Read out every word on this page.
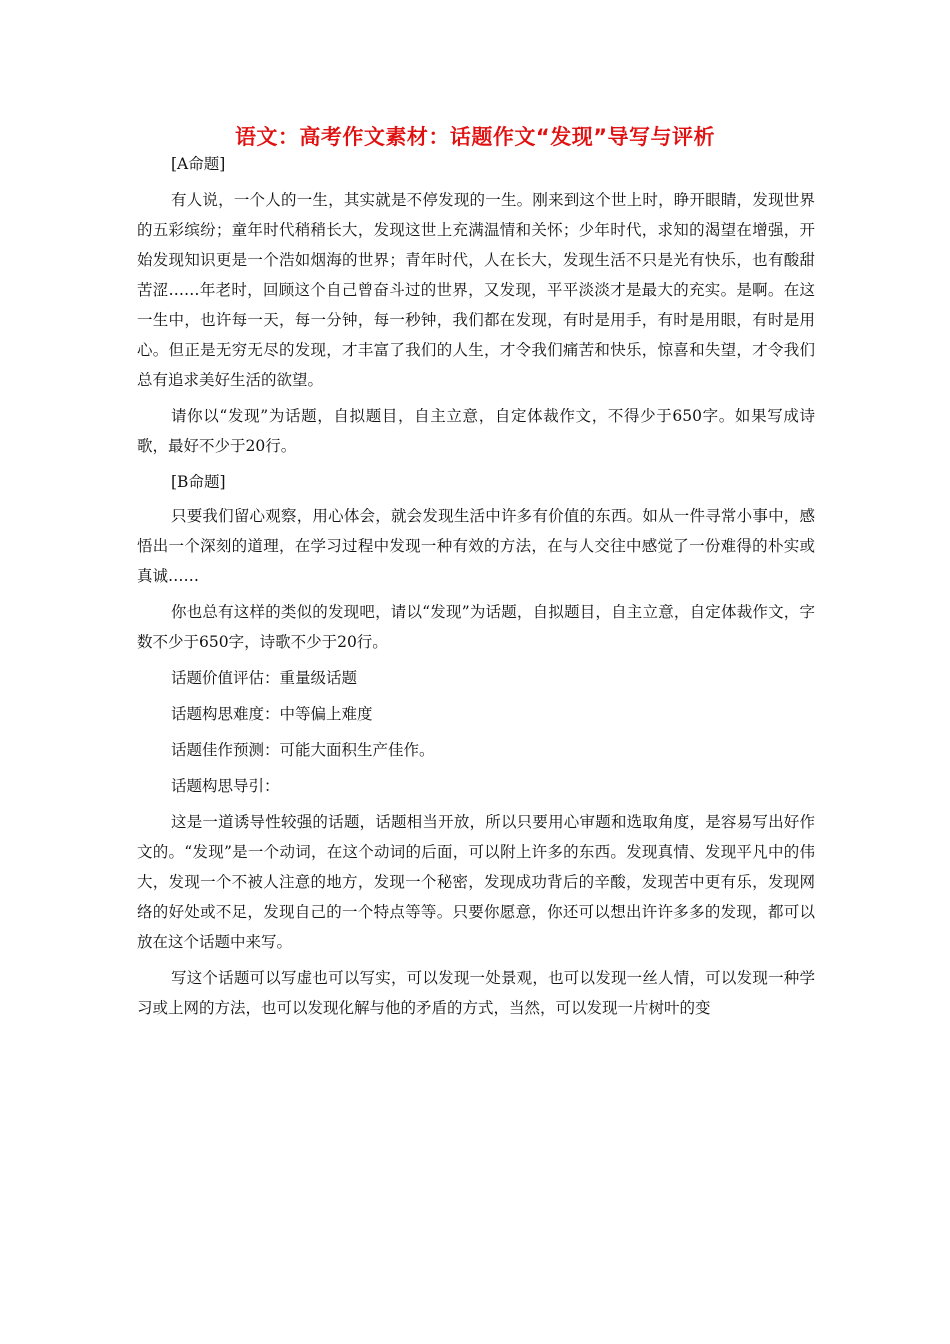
语文：高考作文素材：话题作文“发现”导写与评析

[A命题]

有人说，一个人的一生，其实就是不停发现的一生。刚来到这个世上时，睁开眼睛，发现世界的五彩缤纷；童年时代稍稍长大，发现这世上充满温情和关怀；少年时代，求知的渴望在增强，开始发现知识更是一个浩如烟海的世界；青年时代，人在长大，发现生活不只是光有快乐，也有酸甜苦涩……年老时，回顾这个自己曾奋斗过的世界，又发现，平平淡淡才是最大的充实。是啊。在这一生中，也许每一天，每一分钟，每一秒钟，我们都在发现，有时是用手，有时是用眼，有时是用心。但正是无穷无尽的发现，才丰富了我们的人生，才令我们痛苦和快乐，惊喜和失望，才令我们总有追求美好生活的欲望。

请你以“发现”为话题，自拟题目，自主立意，自定体裁作文，不得少于650字。如果写成诗歌，最好不少于20行。

[B命题]

只要我们留心观察，用心体会，就会发现生活中许多有价值的东西。如从一件寻常小事中，感悟出一个深刻的道理，在学习过程中发现一种有效的方法，在与人交往中感觉了一份难得的朴实或真诚……

你也总有这样的类似的发现吧，请以“发现”为话题，自拟题目，自主立意，自定体裁作文，字数不少于650字，诗歌不少于20行。

话题价值评估：重量级话题

话题构思难度：中等偏上难度

话题佳作预测：可能大面积生产佳作。

话题构思导引：

这是一道诱导性较强的话题，话题相当开放，所以只要用心审题和选取角度，是容易写出好作文的。“发现”是一个动词，在这个动词的后面，可以附上许多的东西。发现真情、发现平凡中的伟大，发现一个不被人注意的地方，发现一个秘密，发现成功背后的辛酸，发现苦中更有乐，发现网络的好处或不足，发现自己的一个特点等等。只要你愿意，你还可以想出许许多多的发现，都可以放在这个话题中来写。

写这个话题可以写虚也可以写实，可以发现一处景观，也可以发现一丝人情，可以发现一种学习或上网的方法，也可以发现化解与他的矛盾的方式，当然，可以发现一片树叶的变
